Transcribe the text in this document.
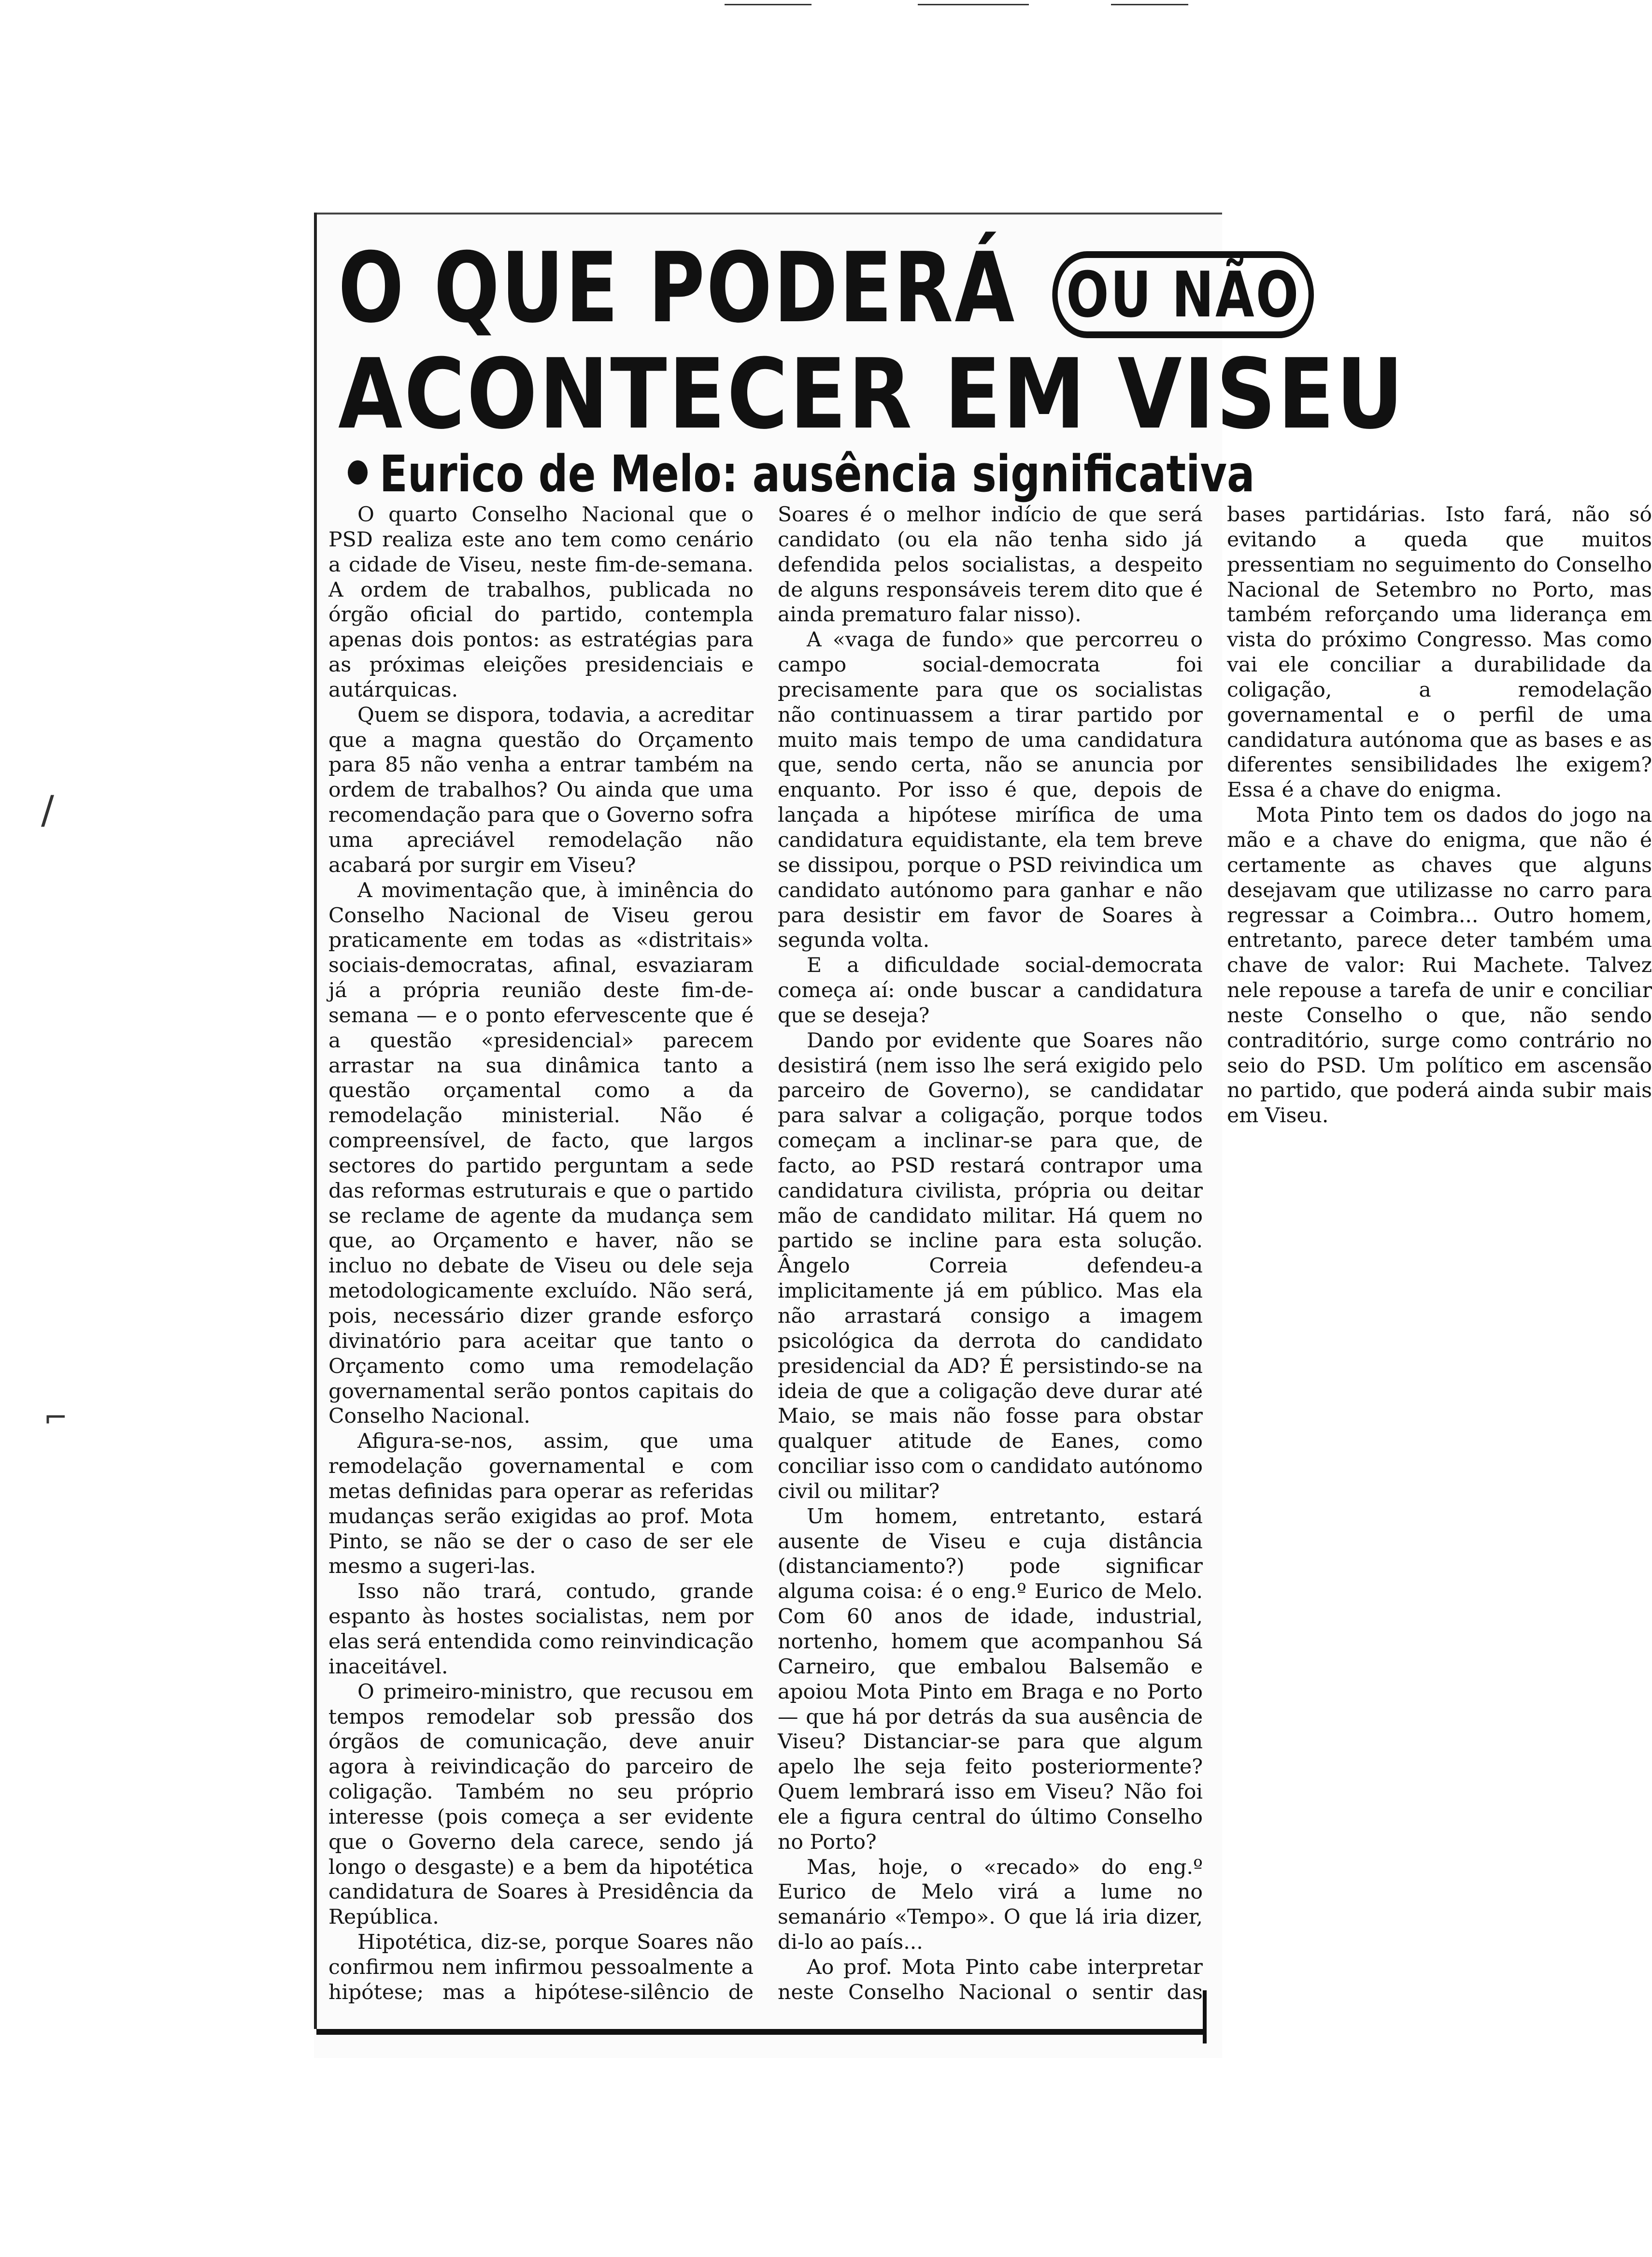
O QUE PODERÁ OU NÃO
ACONTECER EM VISEU
Eurico de Melo: ausência significativa

O quarto Conselho Nacional que o PSD realiza este ano tem como cenário a cidade de Viseu, neste fim-de-semana. A ordem de trabalhos, publicada no órgão oficial do partido, contempla apenas dois pontos: as estratégias para as próximas eleições presidenciais e autárquicas.

Quem se dispora, todavia, a acreditar que a magna questão do Orçamento para 85 não venha a entrar também na ordem de trabalhos? Ou ainda que uma recomendação para que o Governo sofra uma apreciável remodelação não acabará por surgir em Viseu?

A movimentação que, à iminência do Conselho Nacional de Viseu gerou praticamente em todas as «distritais» sociais-democratas, afinal, esvaziaram já a própria reunião deste fim-de-semana — e o ponto efervescente que é a questão «presidencial» parecem arrastar na sua dinâmica tanto a questão orçamental como a da remodelação ministerial. Não é compreensível, de facto, que largos sectores do partido perguntam a sede das reformas estruturais e que o partido se reclame de agente da mudança sem que, ao Orçamento e haver, não se incluo no debate de Viseu ou dele seja metodologicamente excluído. Não será, pois, necessário dizer grande esforço divinatório para aceitar que tanto o Orçamento como uma remodelação governamental serão pontos capitais do Conselho Nacional.

Afigura-se-nos, assim, que uma remodelação governamental e com metas definidas para operar as referidas mudanças serão exigidas ao prof. Mota Pinto, se não se der o caso de ser ele mesmo a sugeri-las.

Isso não trará, contudo, grande espanto às hostes socialistas, nem por elas será entendida como reinvindicação inaceitável.

O primeiro-ministro, que recusou em tempos remodelar sob pressão dos órgãos de comunicação, deve anuir agora à reivindicação do parceiro de coligação. Também no seu próprio interesse (pois começa a ser evidente que o Governo dela carece, sendo já longo o desgaste) e a bem da hipotética candidatura de Soares à Presidência da República.

Hipotética, diz-se, porque Soares não confirmou nem infirmou pessoalmente a hipótese; mas a hipótese-silêncio de Soares é o melhor indício de que será candidato (ou ela não tenha sido já defendida pelos socialistas, a despeito de alguns responsáveis terem dito que é ainda prematuro falar nisso).

A «vaga de fundo» que percorreu o campo social-democrata foi precisamente para que os socialistas não continuassem a tirar partido por muito mais tempo de uma candidatura que, sendo certa, não se anuncia por enquanto. Por isso é que, depois de lançada a hipótese mirífica de uma candidatura equidistante, ela tem breve se dissipou, porque o PSD reivindica um candidato autónomo para ganhar e não para desistir em favor de Soares à segunda volta.

E a dificuldade social-democrata começa aí: onde buscar a candidatura que se deseja?

Dando por evidente que Soares não desistirá (nem isso lhe será exigido pelo parceiro de Governo), se candidatar para salvar a coligação, porque todos começam a inclinar-se para que, de facto, ao PSD restará contrapor uma candidatura civilista, própria ou deitar mão de candidato militar. Há quem no partido se incline para esta solução. Ângelo Correia defendeu-a implicitamente já em público. Mas ela não arrastará consigo a imagem psicológica da derrota do candidato presidencial da AD? É persistindo-se na ideia de que a coligação deve durar até Maio, se mais não fosse para obstar qualquer atitude de Eanes, como conciliar isso com o candidato autónomo civil ou militar?

Um homem, entretanto, estará ausente de Viseu e cuja distância (distanciamento?) pode significar alguma coisa: é o eng.º Eurico de Melo. Com 60 anos de idade, industrial, nortenho, homem que acompanhou Sá Carneiro, que embalou Balsemão e apoiou Mota Pinto em Braga e no Porto — que há por detrás da sua ausência de Viseu? Distanciar-se para que algum apelo lhe seja feito posteriormente? Quem lembrará isso em Viseu? Não foi ele a figura central do último Conselho no Porto?

Mas, hoje, o «recado» do eng.º Eurico de Melo virá a lume no semanário «Tempo». O que lá iria dizer, di-lo ao país...

Ao prof. Mota Pinto cabe interpretar neste Conselho Nacional o sentir das bases partidárias. Isto fará, não só evitando a queda que muitos pressentiam no seguimento do Conselho Nacional de Setembro no Porto, mas também reforçando uma liderança em vista do próximo Congresso. Mas como vai ele conciliar a durabilidade da coligação, a remodelação governamental e o perfil de uma candidatura autónoma que as bases e as diferentes sensibilidades lhe exigem? Essa é a chave do enigma.

Mota Pinto tem os dados do jogo na mão e a chave do enigma, que não é certamente as chaves que alguns desejavam que utilizasse no carro para regressar a Coimbra... Outro homem, entretanto, parece deter também uma chave de valor: Rui Machete. Talvez nele repouse a tarefa de unir e conciliar neste Conselho o que, não sendo contraditório, surge como contrário no seio do PSD. Um político em ascensão no partido, que poderá ainda subir mais em Viseu.

∕
⌐
